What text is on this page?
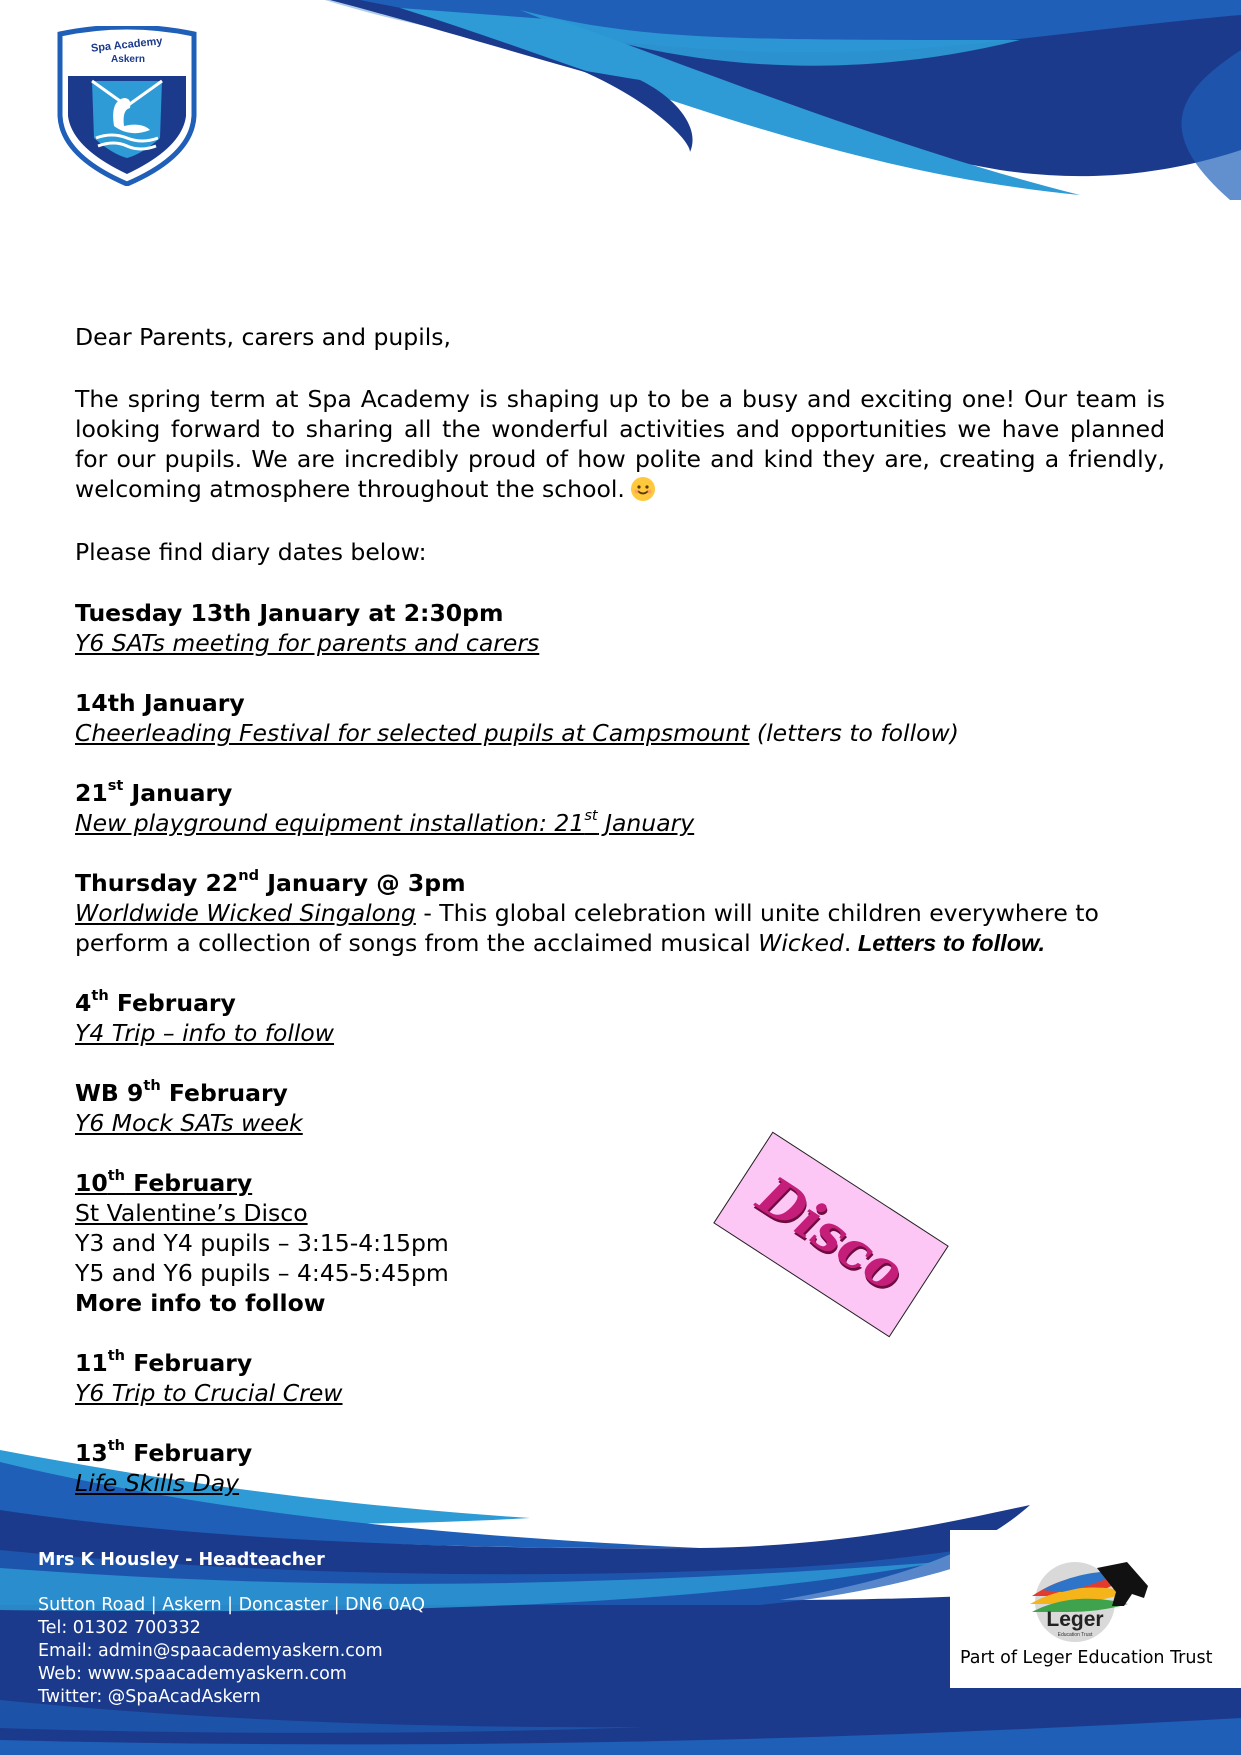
Spa Academy
Askern
Dear Parents, carers and pupils,
The spring term at Spa Academy is shaping up to be a busy and exciting one! Our team is looking forward to sharing all the wonderful activities and opportunities we have planned for our pupils. We are incredibly proud of how polite and kind they are, creating a friendly, welcoming atmosphere throughout the school.
Please find diary dates below:
Tuesday 13th January at 2:30pm
Y6 SATs meeting for parents and carers
14th January
Cheerleading Festival for selected pupils at Campsmount (letters to follow)
21st January
New playground equipment installation: 21st January
Thursday 22nd January @ 3pm
Worldwide Wicked Singalong - This global celebration will unite children everywhere to perform a collection of songs from the acclaimed musical Wicked. Letters to follow.
4th February
Y4 Trip – info to follow
WB 9th February
Y6 Mock SATs week
10th February
St Valentine’s Disco
Y3 and Y4 pupils – 3:15-4:15pm
Y5 and Y6 pupils – 4:45-5:45pm
More info to follow	Disco
11th February
Y6 Trip to Crucial Crew
13th February
Life Skills Day
Mrs K Housley - Headteacher
Sutton Road | Askern | Doncaster | DN6 0AQ
Tel: 01302 700332
Email: admin@spaacademyaskern.com
Web: www.spaacademyaskern.com
Twitter: @SpaAcadAskern
Leger
Education Trust
Part of Leger Education Trust
